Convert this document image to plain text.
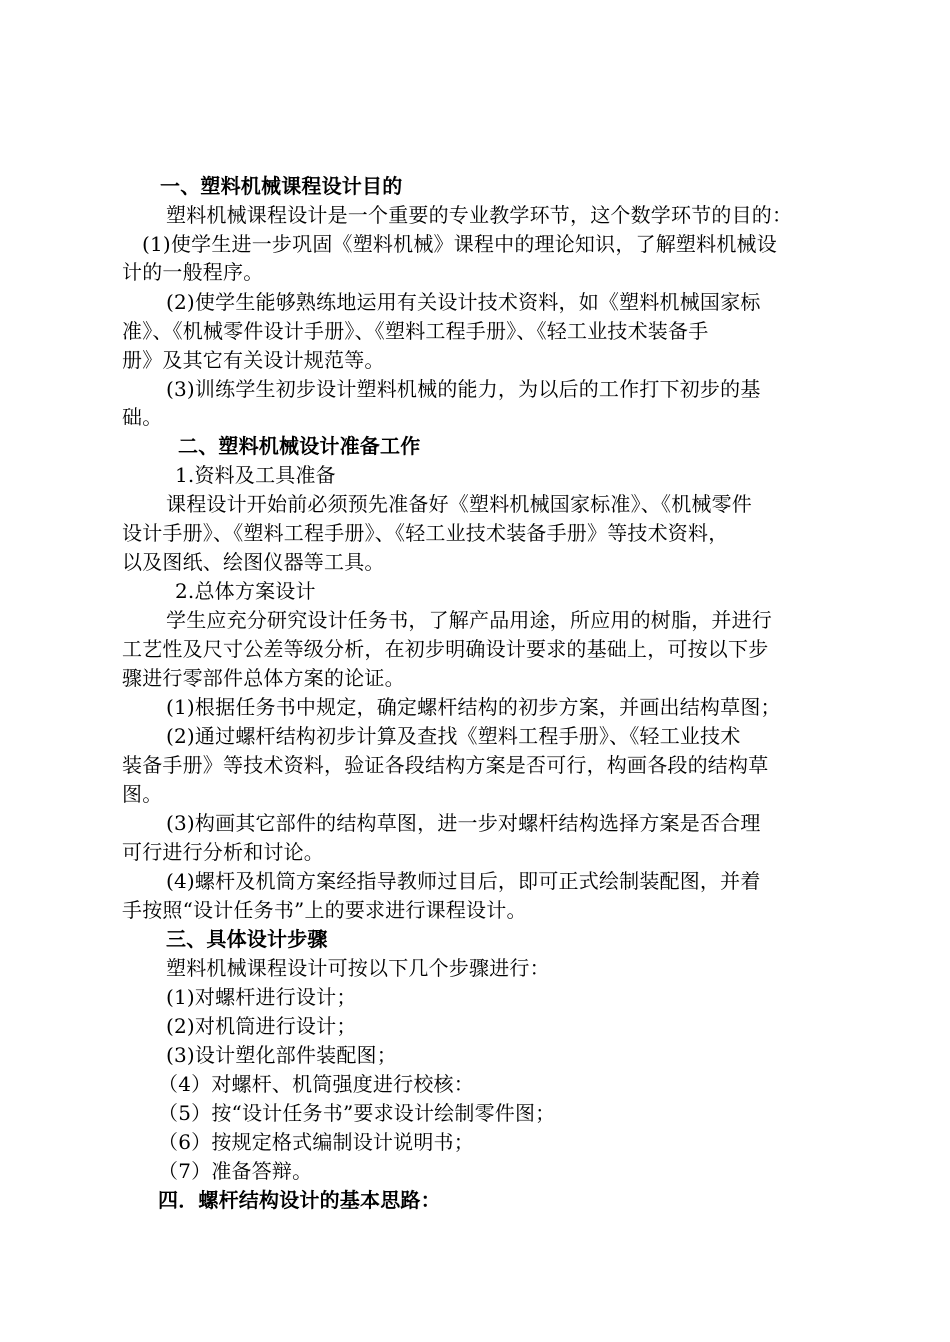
一、塑料机械课程设计目的
塑料机械课程设计是一个重要的专业教学环节，这个数学环节的目的：
(1)使学生进一步巩固《塑料机械》课程中的理论知识，了解塑料机械设
计的一般程序。
(2)使学生能够熟练地运用有关设计技术资料，如《塑料机械国家标
准》、《机械零件设计手册》、《塑料工程手册》、《轻工业技术装备手
册》及其它有关设计规范等。
(3)训练学生初步设计塑料机械的能力，为以后的工作打下初步的基
础。
二、塑料机械设计准备工作
1.资料及工具准备
课程设计开始前必须预先准备好《塑料机械国家标准》、《机械零件
设计手册》、《塑料工程手册》、《轻工业技术装备手册》等技术资料，
以及图纸、绘图仪器等工具。
2.总体方案设计
学生应充分研究设计任务书，了解产品用途，所应用的树脂，并进行
工艺性及尺寸公差等级分析，在初步明确设计要求的基础上，可按以下步
骤进行零部件总体方案的论证。
(1)根据任务书中规定，确定螺杆结构的初步方案，并画出结构草图；
(2)通过螺杆结构初步计算及查找《塑料工程手册》、《轻工业技术
装备手册》等技术资料，验证各段结构方案是否可行，构画各段的结构草
图。
(3)构画其它部件的结构草图，进一步对螺杆结构选择方案是否合理
可行进行分析和讨论。
(4)螺杆及机筒方案经指导教师过目后，即可正式绘制装配图，并着
手按照“设计任务书”上的要求进行课程设计。
三、具体设计步骤
塑料机械课程设计可按以下几个步骤进行：
(1)对螺杆进行设计；
(2)对机筒进行设计；
(3)设计塑化部件装配图；
（4）对螺杆、机筒强度进行校核：
（5）按“设计任务书”要求设计绘制零件图；
（6）按规定格式编制设计说明书；
（7）准备答辩。
四．螺杆结构设计的基本思路：
